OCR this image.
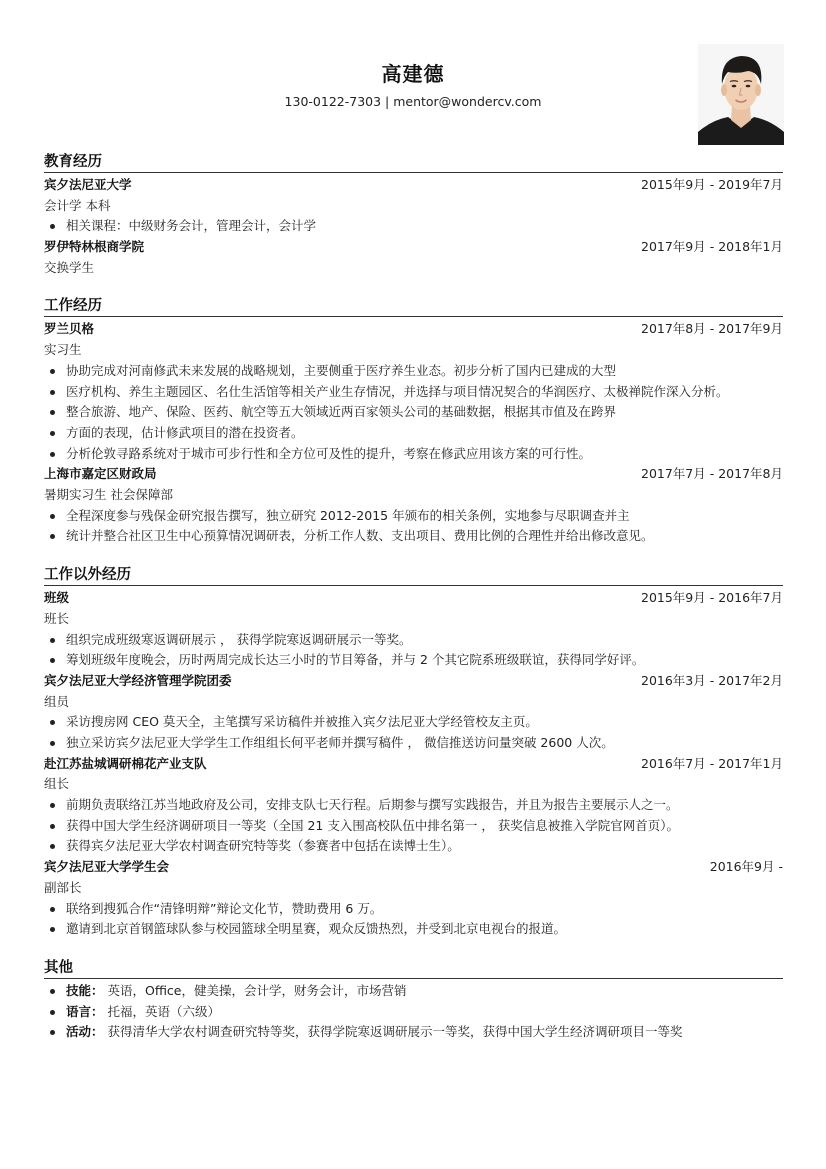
高建德
130-0122-7303 | mentor@wondercv.com
教育经历
宾夕法尼亚大学	2015年9月 - 2019年7月
会计学 本科
相关课程：中级财务会计，管理会计，会计学
罗伊特林根商学院	2017年9月 - 2018年1月
交换学生
工作经历
罗兰贝格	2017年8月 - 2017年9月
实习生
协助完成对河南修武未来发展的战略规划，主要侧重于医疗养生业态。初步分析了国内已建成的大型
医疗机构、养生主题园区、名仕生活馆等相关产业生存情况，并选择与项目情况契合的华润医疗、太极禅院作深入分析。
整合旅游、地产、保险、医药、航空等五大领域近两百家领头公司的基础数据，根据其市值及在跨界
方面的表现，估计修武项目的潜在投资者。
分析伦敦寻路系统对于城市可步行性和全方位可及性的提升，考察在修武应用该方案的可行性。
上海市嘉定区财政局	2017年7月 - 2017年8月
暑期实习生 社会保障部
全程深度参与残保金研究报告撰写，独立研究 2012-2015 年颁布的相关条例，实地参与尽职调查并主
统计并整合社区卫生中心预算情况调研表，分析工作人数、支出项目、费用比例的合理性并给出修改意见。
工作以外经历
班级	2015年9月 - 2016年7月
班长
组织完成班级寒返调研展示 ， 获得学院寒返调研展示一等奖。
筹划班级年度晚会，历时两周完成长达三小时的节目筹备，并与 2 个其它院系班级联谊，获得同学好评。
宾夕法尼亚大学经济管理学院团委	2016年3月 - 2017年2月
组员
采访搜房网 CEO 莫天全，主笔撰写采访稿件并被推入宾夕法尼亚大学经管校友主页。
独立采访宾夕法尼亚大学学生工作组组长何平老师并撰写稿件 ， 微信推送访问量突破 2600 人次。
赴江苏盐城调研棉花产业支队	2016年7月 - 2017年1月
组长
前期负责联络江苏当地政府及公司，安排支队七天行程。后期参与撰写实践报告，并且为报告主要展示人之一。
获得中国大学生经济调研项目一等奖（全国 21 支入围高校队伍中排名第一 ， 获奖信息被推入学院官网首页）。
获得宾夕法尼亚大学农村调查研究特等奖（参赛者中包括在读博士生）。
宾夕法尼亚大学学生会	2016年9月 -
副部长
联络到搜狐合作“清锋明辩”辩论文化节，赞助费用 6 万。
邀请到北京首钢篮球队参与校园篮球全明星赛，观众反馈热烈，并受到北京电视台的报道。
其他
技能： 英语，Office，健美操，会计学，财务会计，市场营销
语言： 托福，英语（六级）
活动： 获得清华大学农村调查研究特等奖，获得学院寒返调研展示一等奖，获得中国大学生经济调研项目一等奖
